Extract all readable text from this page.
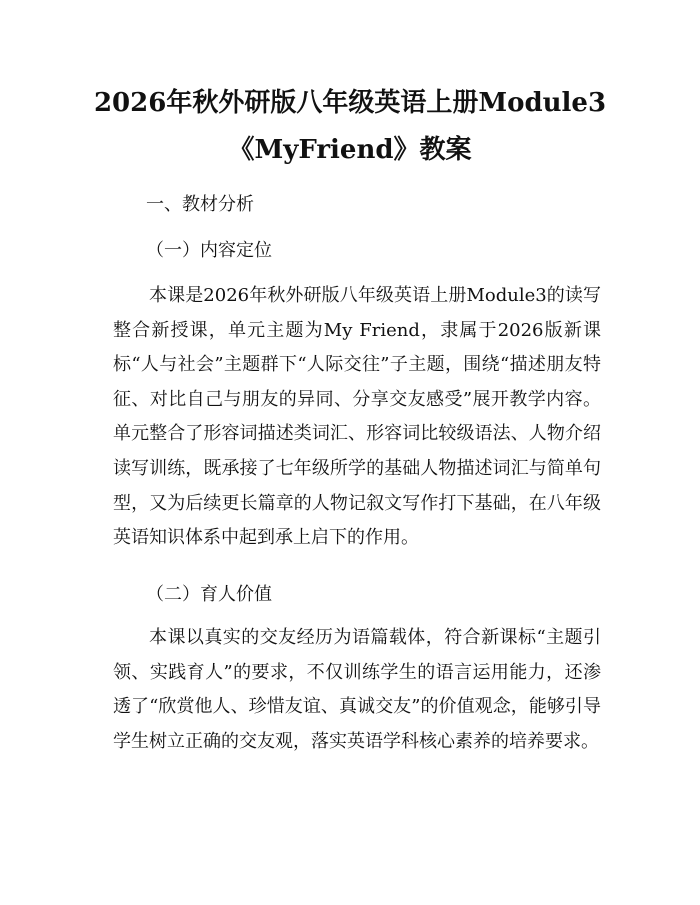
2026年秋外研版八年级英语上册Module3
《MyFriend》教案
一、教材分析
（一）内容定位

本课是2026年秋外研版八年级英语上册Module3的读写整合新授课，单元主题为My Friend，隶属于2026版新课标“人与社会”主题群下“人际交往”子主题，围绕“描述朋友特征、对比自己与朋友的异同、分享交友感受”展开教学内容。单元整合了形容词描述类词汇、形容词比较级语法、人物介绍读写训练，既承接了七年级所学的基础人物描述词汇与简单句型，又为后续更长篇章的人物记叙文写作打下基础，在八年级英语知识体系中起到承上启下的作用。

（二）育人价值

本课以真实的交友经历为语篇载体，符合新课标“主题引领、实践育人”的要求，不仅训练学生的语言运用能力，还渗透了“欣赏他人、珍惜友谊、真诚交友”的价值观念，能够引导学生树立正确的交友观，落实英语学科核心素养的培养要求。
